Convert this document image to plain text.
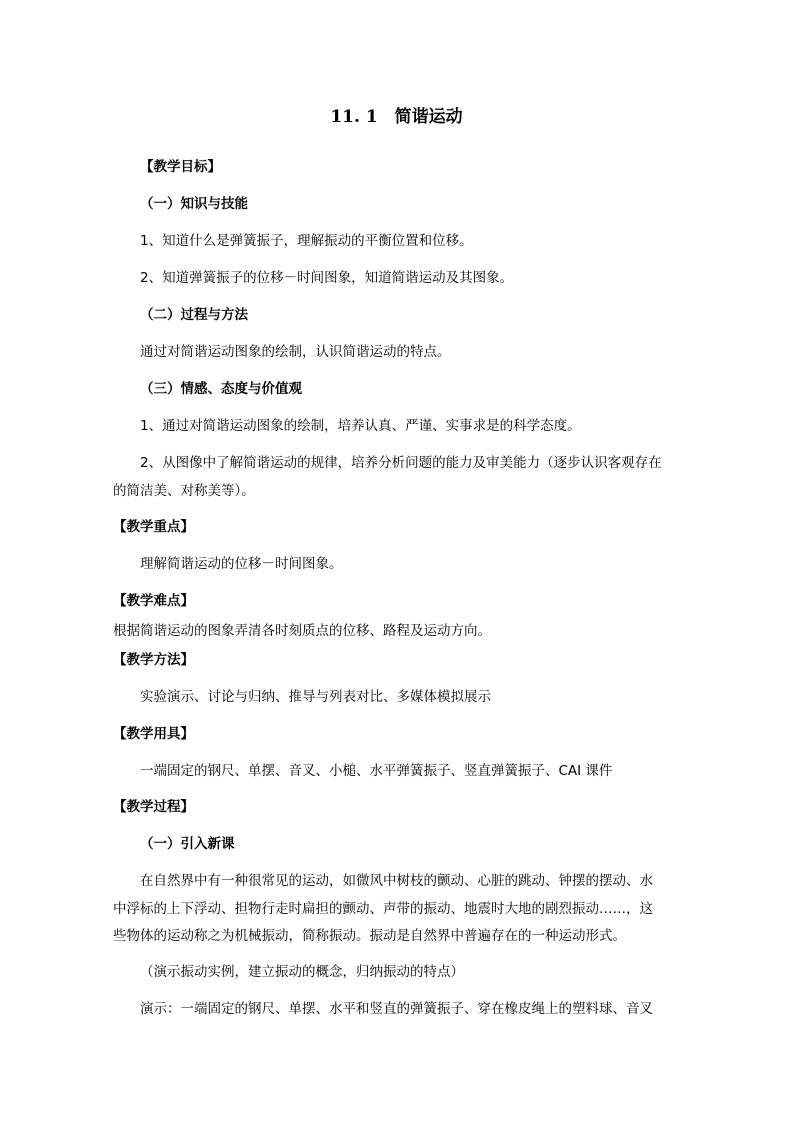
11. 1　简谐运动
【教学目标】
（一）知识与技能
1、知道什么是弹簧振子，理解振动的平衡位置和位移。
2、知道弹簧振子的位移－时间图象，知道简谐运动及其图象。
（二）过程与方法
通过对简谐运动图象的绘制，认识简谐运动的特点。
（三）情感、态度与价值观
1、通过对简谐运动图象的绘制，培养认真、严谨、实事求是的科学态度。
2、从图像中了解简谐运动的规律，培养分析问题的能力及审美能力（逐步认识客观存在
的简洁美、对称美等）。
【教学重点】
理解简谐运动的位移－时间图象。
【教学难点】
根据简谐运动的图象弄清各时刻质点的位移、路程及运动方向。
【教学方法】
实验演示、讨论与归纳、推导与列表对比、多媒体模拟展示
【教学用具】
一端固定的钢尺、单摆、音叉、小槌、水平弹簧振子、竖直弹簧振子、CAI 课件
【教学过程】
（一）引入新课
在自然界中有一种很常见的运动，如微风中树枝的颤动、心脏的跳动、钟摆的摆动、水
中浮标的上下浮动、担物行走时扁担的颤动、声带的振动、地震时大地的剧烈振动……，这
些物体的运动称之为机械振动，简称振动。振动是自然界中普遍存在的一种运动形式。
（演示振动实例，建立振动的概念，归纳振动的特点）
演示：一端固定的钢尺、单摆、水平和竖直的弹簧振子、穿在橡皮绳上的塑料球、音叉
